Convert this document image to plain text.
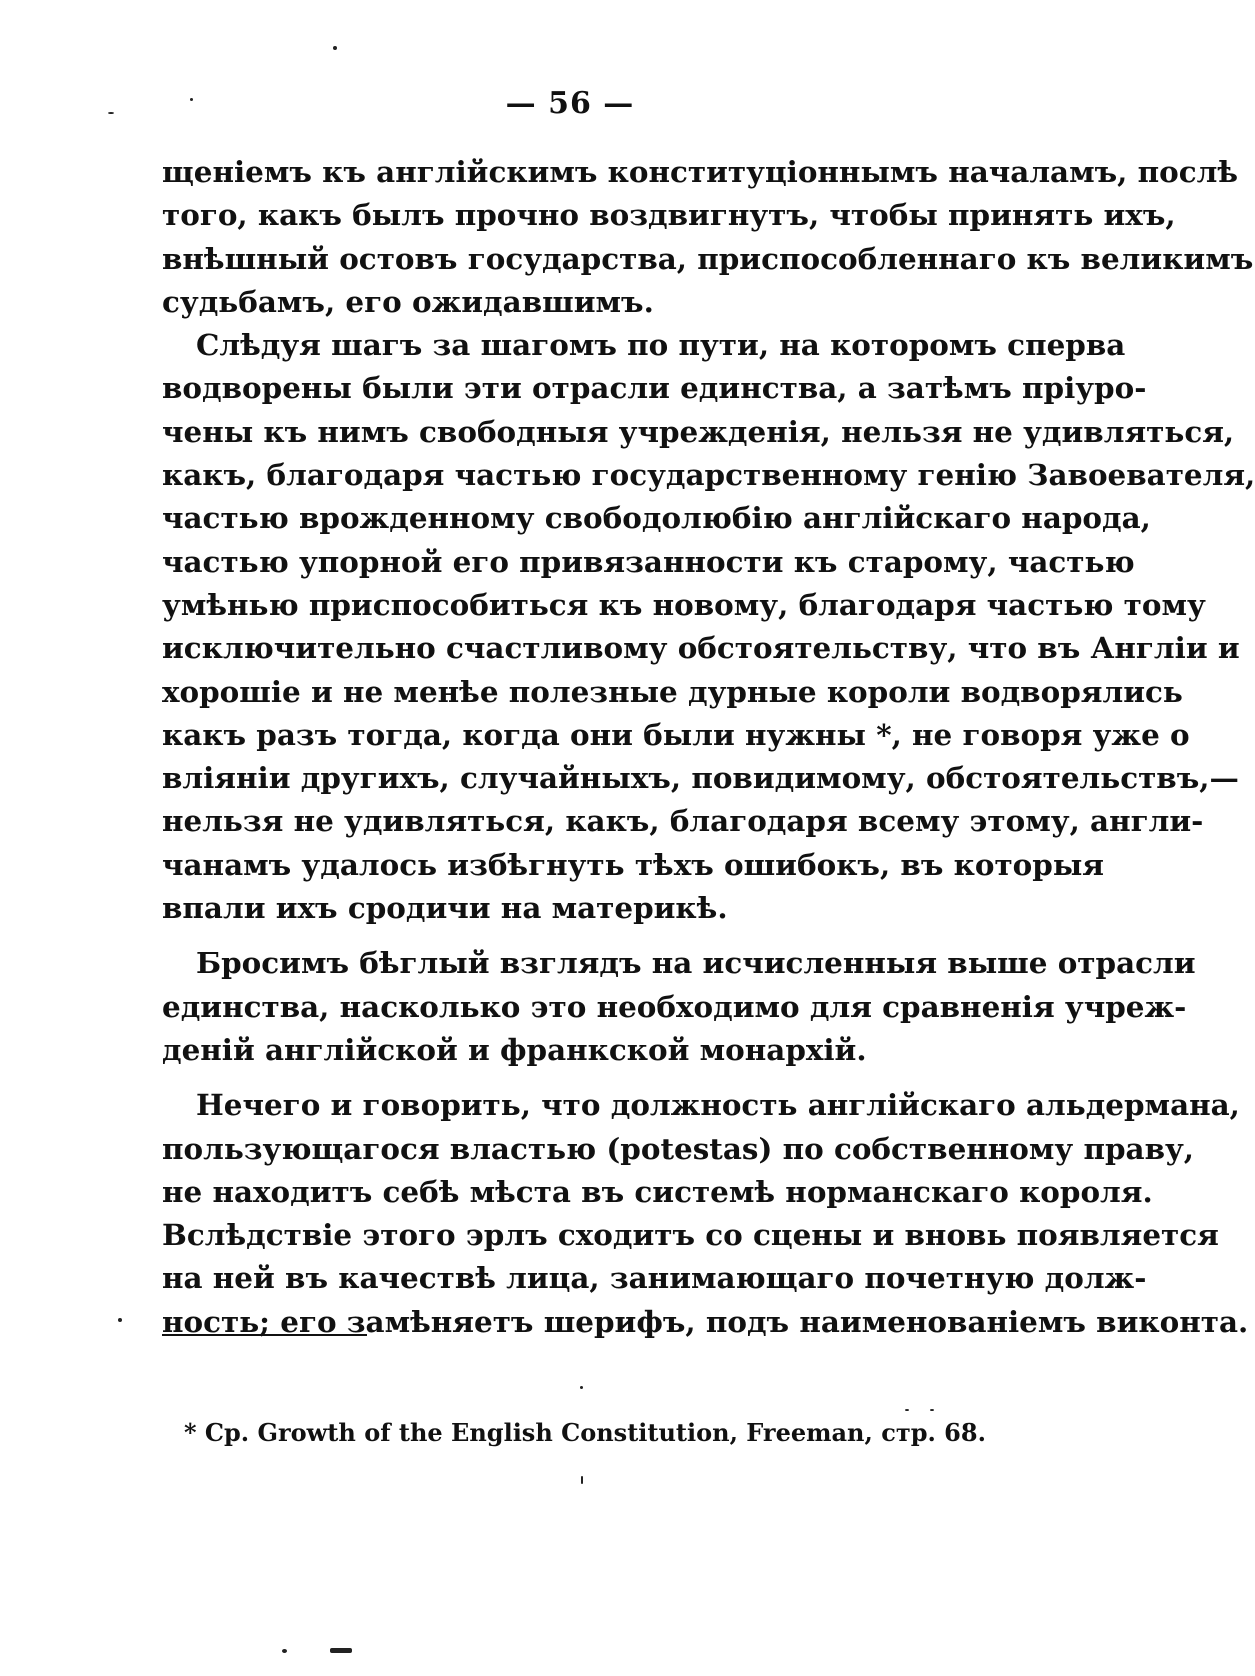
— 56 —
щеніемъ къ англійскимъ конституціоннымъ началамъ, послѣ
того, какъ былъ прочно воздвигнутъ, чтобы принять ихъ,
внѣшный остовъ государства, приспособленнаго къ великимъ
судьбамъ, его ожидавшимъ.
Слѣдуя шагъ за шагомъ по пути, на которомъ сперва
водворены были эти отрасли единства, а затѣмъ пріуро-
чены къ нимъ свободныя учрежденія, нельзя не удивляться,
какъ, благодаря частью государственному генію Завоевателя,
частью врожденному свободолюбію англійскаго народа,
частью упорной его привязанности къ старому, частью
умѣнью приспособиться къ новому, благодаря частью тому
исключительно счастливому обстоятельству, что въ Англіи и
хорошіе и не менѣе полезные дурные короли водворялись
какъ разъ тогда, когда они были нужны *, не говоря уже о
вліяніи другихъ, случайныхъ, повидимому, обстоятельствъ,—
нельзя не удивляться, какъ, благодаря всему этому, англи-
чанамъ удалось избѣгнуть тѣхъ ошибокъ, въ которыя
впали ихъ сродичи на материкѣ.
Бросимъ бѣглый взглядъ на исчисленныя выше отрасли
единства, насколько это необходимо для сравненія учреж-
деній англійской и франкской монархій.
Нечего и говорить, что должность англійскаго альдермана,
пользующагося властью (potestas) по собственному праву,
не находитъ себѣ мѣста въ системѣ норманскаго короля.
Вслѣдствіе этого эрлъ сходитъ со сцены и вновь появляется
на ней въ качествѣ лица, занимающаго почетную долж-
ность; его замѣняетъ шерифъ, подъ наименованіемъ виконта.
* Ср. Growth of the English Constitution, Freeman, стр. 68.
